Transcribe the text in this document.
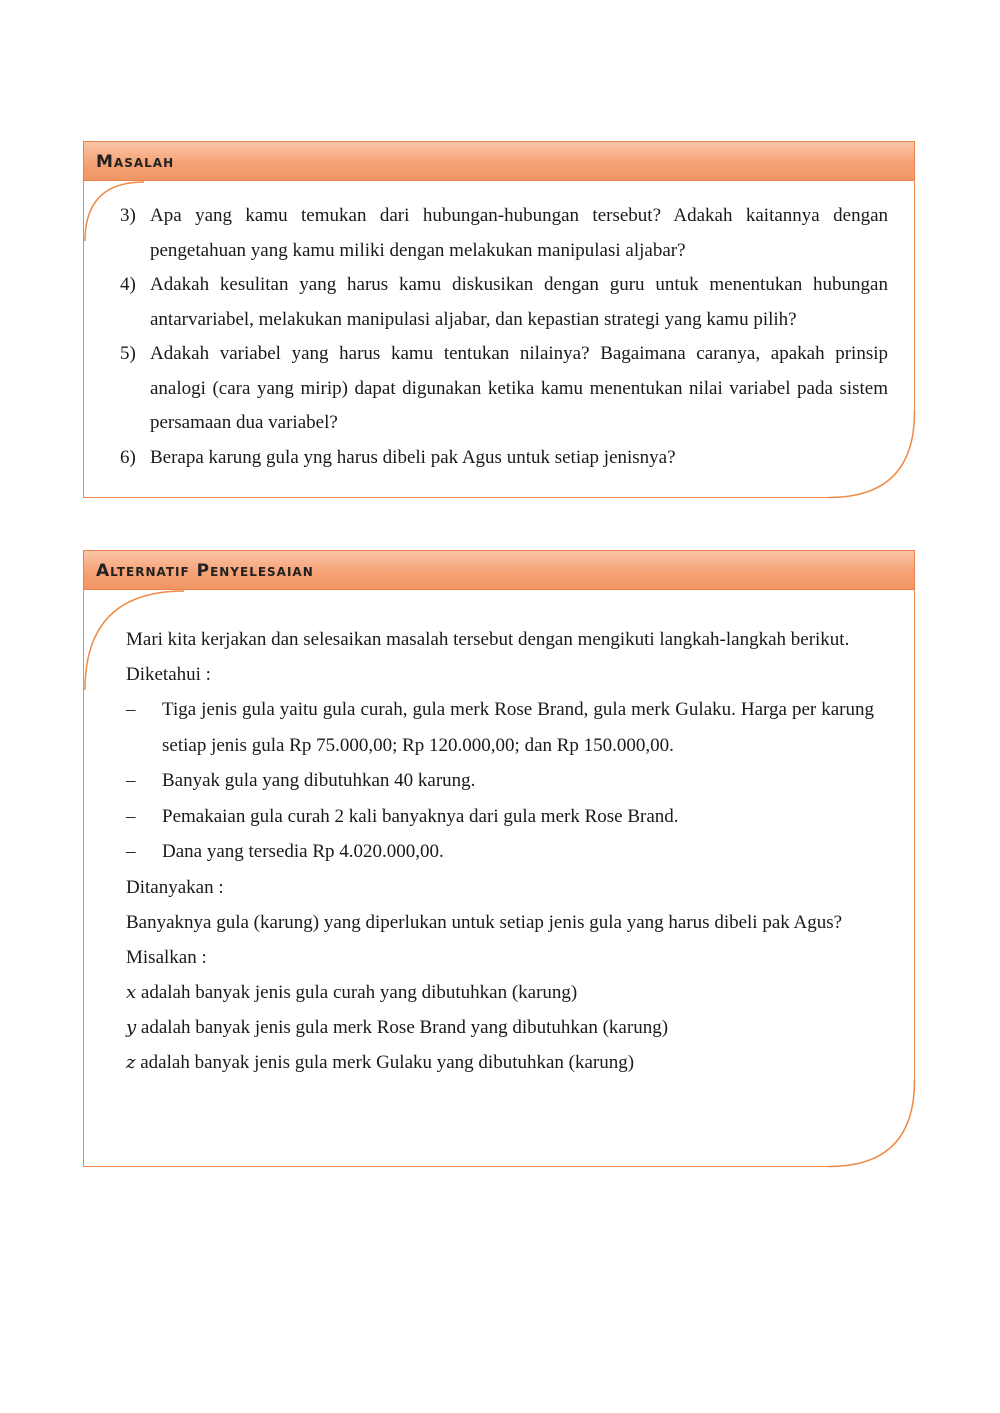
Masalah
3) Apa yang kamu temukan dari hubungan-hubungan tersebut? Adakah kaitannya dengan pengetahuan yang kamu miliki dengan melakukan manipulasi aljabar?
4) Adakah kesulitan yang harus kamu diskusikan dengan guru untuk menentukan hubungan antarvariabel, melakukan manipulasi aljabar, dan kepastian strategi yang kamu pilih?
5) Adakah variabel yang harus kamu tentukan nilainya? Bagaimana caranya, apakah prinsip analogi (cara yang mirip) dapat digunakan ketika kamu menentukan nilai variabel pada sistem persamaan dua variabel?
6) Berapa karung gula yng harus dibeli pak Agus untuk setiap jenisnya?
Alternatif Penyelesaian

Mari kita kerjakan dan selesaikan masalah tersebut dengan mengikuti langkah-langkah berikut.

Diketahui :

– Tiga jenis gula yaitu gula curah, gula merk Rose Brand, gula merk Gulaku. Harga per karung setiap jenis gula Rp 75.000,00; Rp 120.000,00; dan Rp 150.000,00.
– Banyak gula yang dibutuhkan 40 karung.
– Pemakaian gula curah 2 kali banyaknya dari gula merk Rose Brand.
– Dana yang tersedia Rp 4.020.000,00.

Ditanyakan :

Banyaknya gula (karung) yang diperlukan untuk setiap jenis gula yang harus dibeli pak Agus?

Misalkan :

x adalah banyak jenis gula curah yang dibutuhkan (karung)

y adalah banyak jenis gula merk Rose Brand yang dibutuhkan (karung)

z adalah banyak jenis gula merk Gulaku yang dibutuhkan (karung)
